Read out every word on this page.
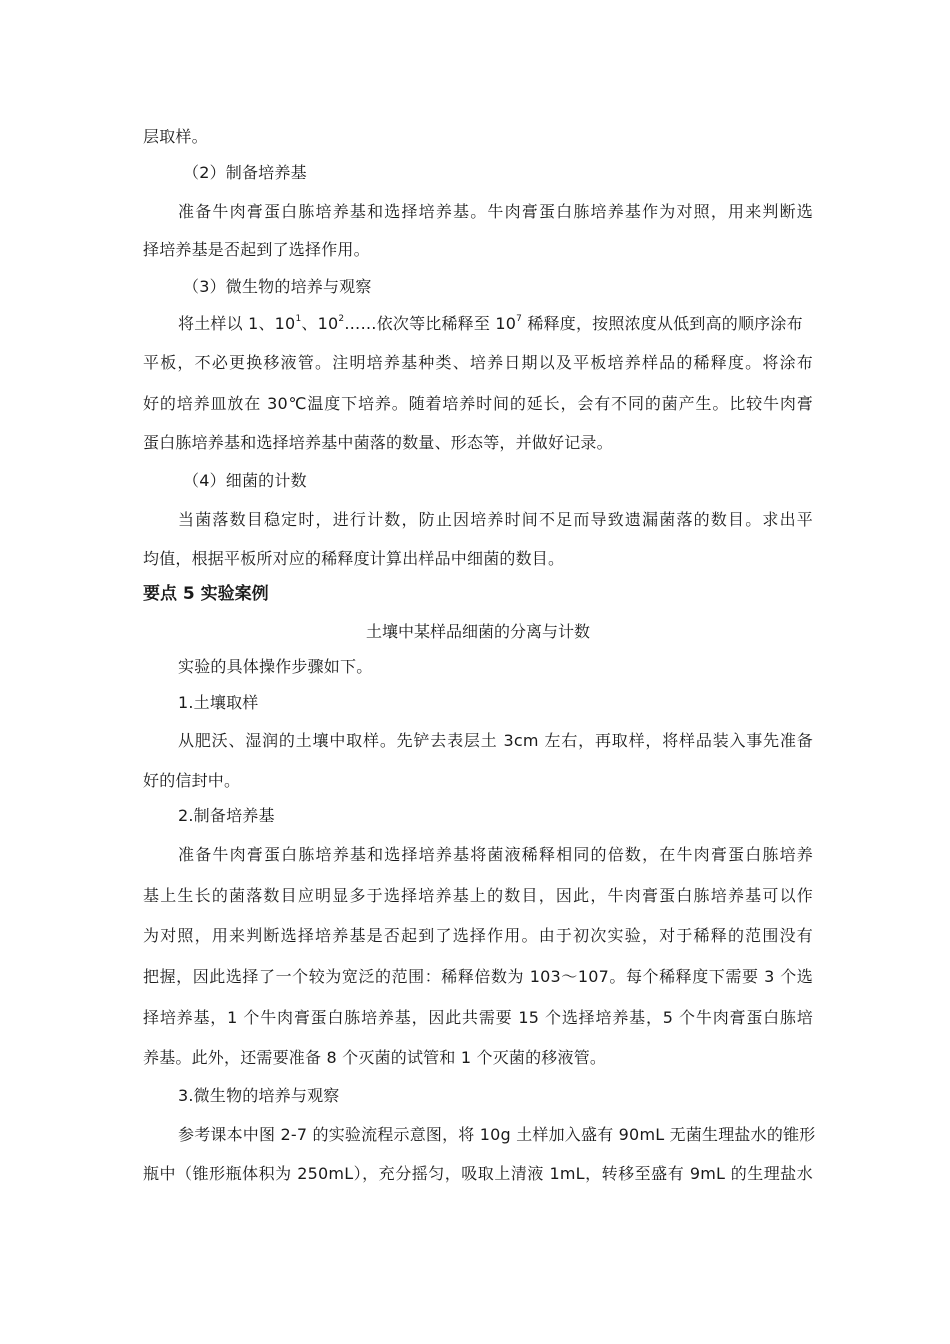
层取样。
（2）制备培养基
准备牛肉膏蛋白胨培养基和选择培养基。牛肉膏蛋白胨培养基作为对照，用来判断选
择培养基是否起到了选择作用。
（3）微生物的培养与观察
将土样以 1、$10^1$、$10^2\dots\dots$依次等比稀释至 $10^7$ 稀释度，按照浓度从低到高的顺序涂布
平板，不必更换移液管。注明培养基种类、培养日期以及平板培养样品的稀释度。将涂布
好的培养皿放在 30℃温度下培养。随着培养时间的延长，会有不同的菌产生。比较牛肉膏
蛋白胨培养基和选择培养基中菌落的数量、形态等，并做好记录。
（4）细菌的计数
当菌落数目稳定时，进行计数，防止因培养时间不足而导致遗漏菌落的数目。求出平
均值，根据平板所对应的稀释度计算出样品中细菌的数目。
要点 5 实验案例
土壤中某样品细菌的分离与计数
实验的具体操作步骤如下。
1.土壤取样
从肥沃、湿润的土壤中取样。先铲去表层土 3cm 左右，再取样，将样品装入事先准备
好的信封中。
2.制备培养基
准备牛肉膏蛋白胨培养基和选择培养基将菌液稀释相同的倍数，在牛肉膏蛋白胨培养
基上生长的菌落数目应明显多于选择培养基上的数目，因此，牛肉膏蛋白胨培养基可以作
为对照，用来判断选择培养基是否起到了选择作用。由于初次实验，对于稀释的范围没有
把握，因此选择了一个较为宽泛的范围：稀释倍数为 103～107。每个稀释度下需要 3 个选
择培养基，1 个牛肉膏蛋白胨培养基，因此共需要 15 个选择培养基，5 个牛肉膏蛋白胨培
养基。此外，还需要准备 8 个灭菌的试管和 1 个灭菌的移液管。
3.微生物的培养与观察
参考课本中图 2-7 的实验流程示意图，将 10g 土样加入盛有 90mL 无菌生理盐水的锥形
瓶中（锥形瓶体积为 250mL），充分摇匀，吸取上清液 1mL，转移至盛有 9mL 的生理盐水
